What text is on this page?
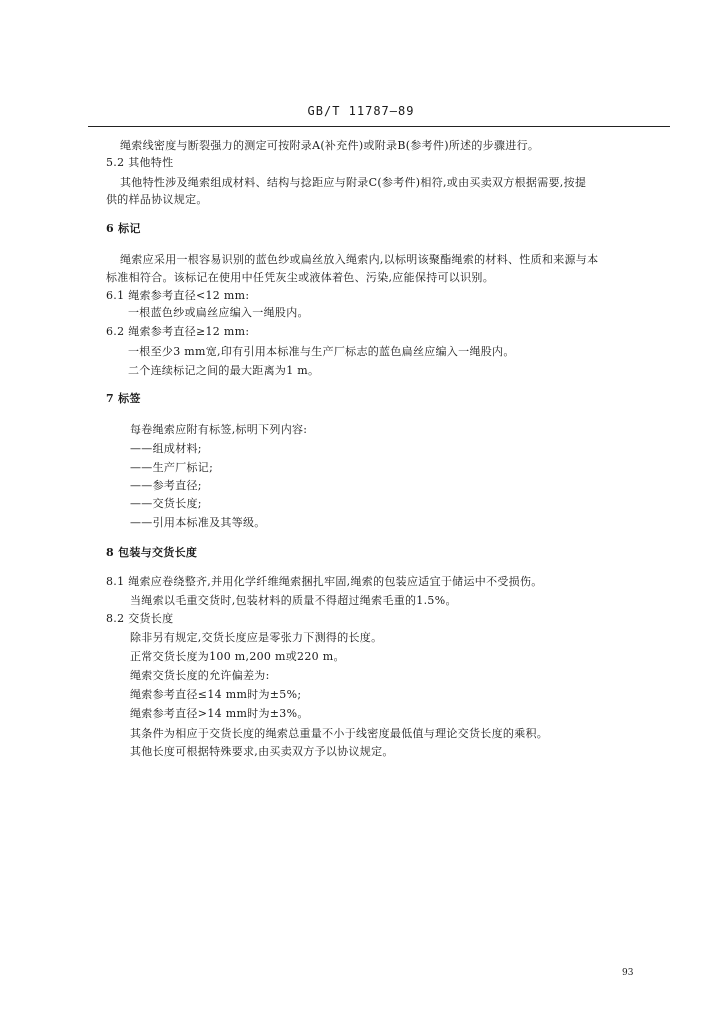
GB/T 11787—89
绳索线密度与断裂强力的测定可按附录A(补充件)或附录B(参考件)所述的步骤进行。
5.2 其他特性
其他特性涉及绳索组成材料、结构与捻距应与附录C(参考件)相符,或由买卖双方根据需要,按提
供的样品协议规定。
6 标记
绳索应采用一根容易识别的蓝色纱或扁丝放入绳索内,以标明该聚酯绳索的材料、性质和来源与本
标准相符合。该标记在使用中任凭灰尘或液体着色、污染,应能保持可以识别。
6.1 绳索参考直径<12 mm:
一根蓝色纱或扁丝应编入一绳股内。
6.2 绳索参考直径≥12 mm:
一根至少3 mm宽,印有引用本标准与生产厂标志的蓝色扁丝应编入一绳股内。
二个连续标记之间的最大距离为1 m。
7 标签
每卷绳索应附有标签,标明下列内容:
——组成材料;
——生产厂标记;
——参考直径;
——交货长度;
——引用本标准及其等级。
8 包装与交货长度
8.1 绳索应卷绕整齐,并用化学纤维绳索捆扎牢固,绳索的包装应适宜于储运中不受损伤。
当绳索以毛重交货时,包装材料的质量不得超过绳索毛重的1.5%。
8.2 交货长度
除非另有规定,交货长度应是零张力下测得的长度。
正常交货长度为100 m,200 m或220 m。
绳索交货长度的允许偏差为:
绳索参考直径≤14 mm时为±5%;
绳索参考直径>14 mm时为±3%。
其条件为相应于交货长度的绳索总重量不小于线密度最低值与理论交货长度的乘积。
其他长度可根据特殊要求,由买卖双方予以协议规定。
93
